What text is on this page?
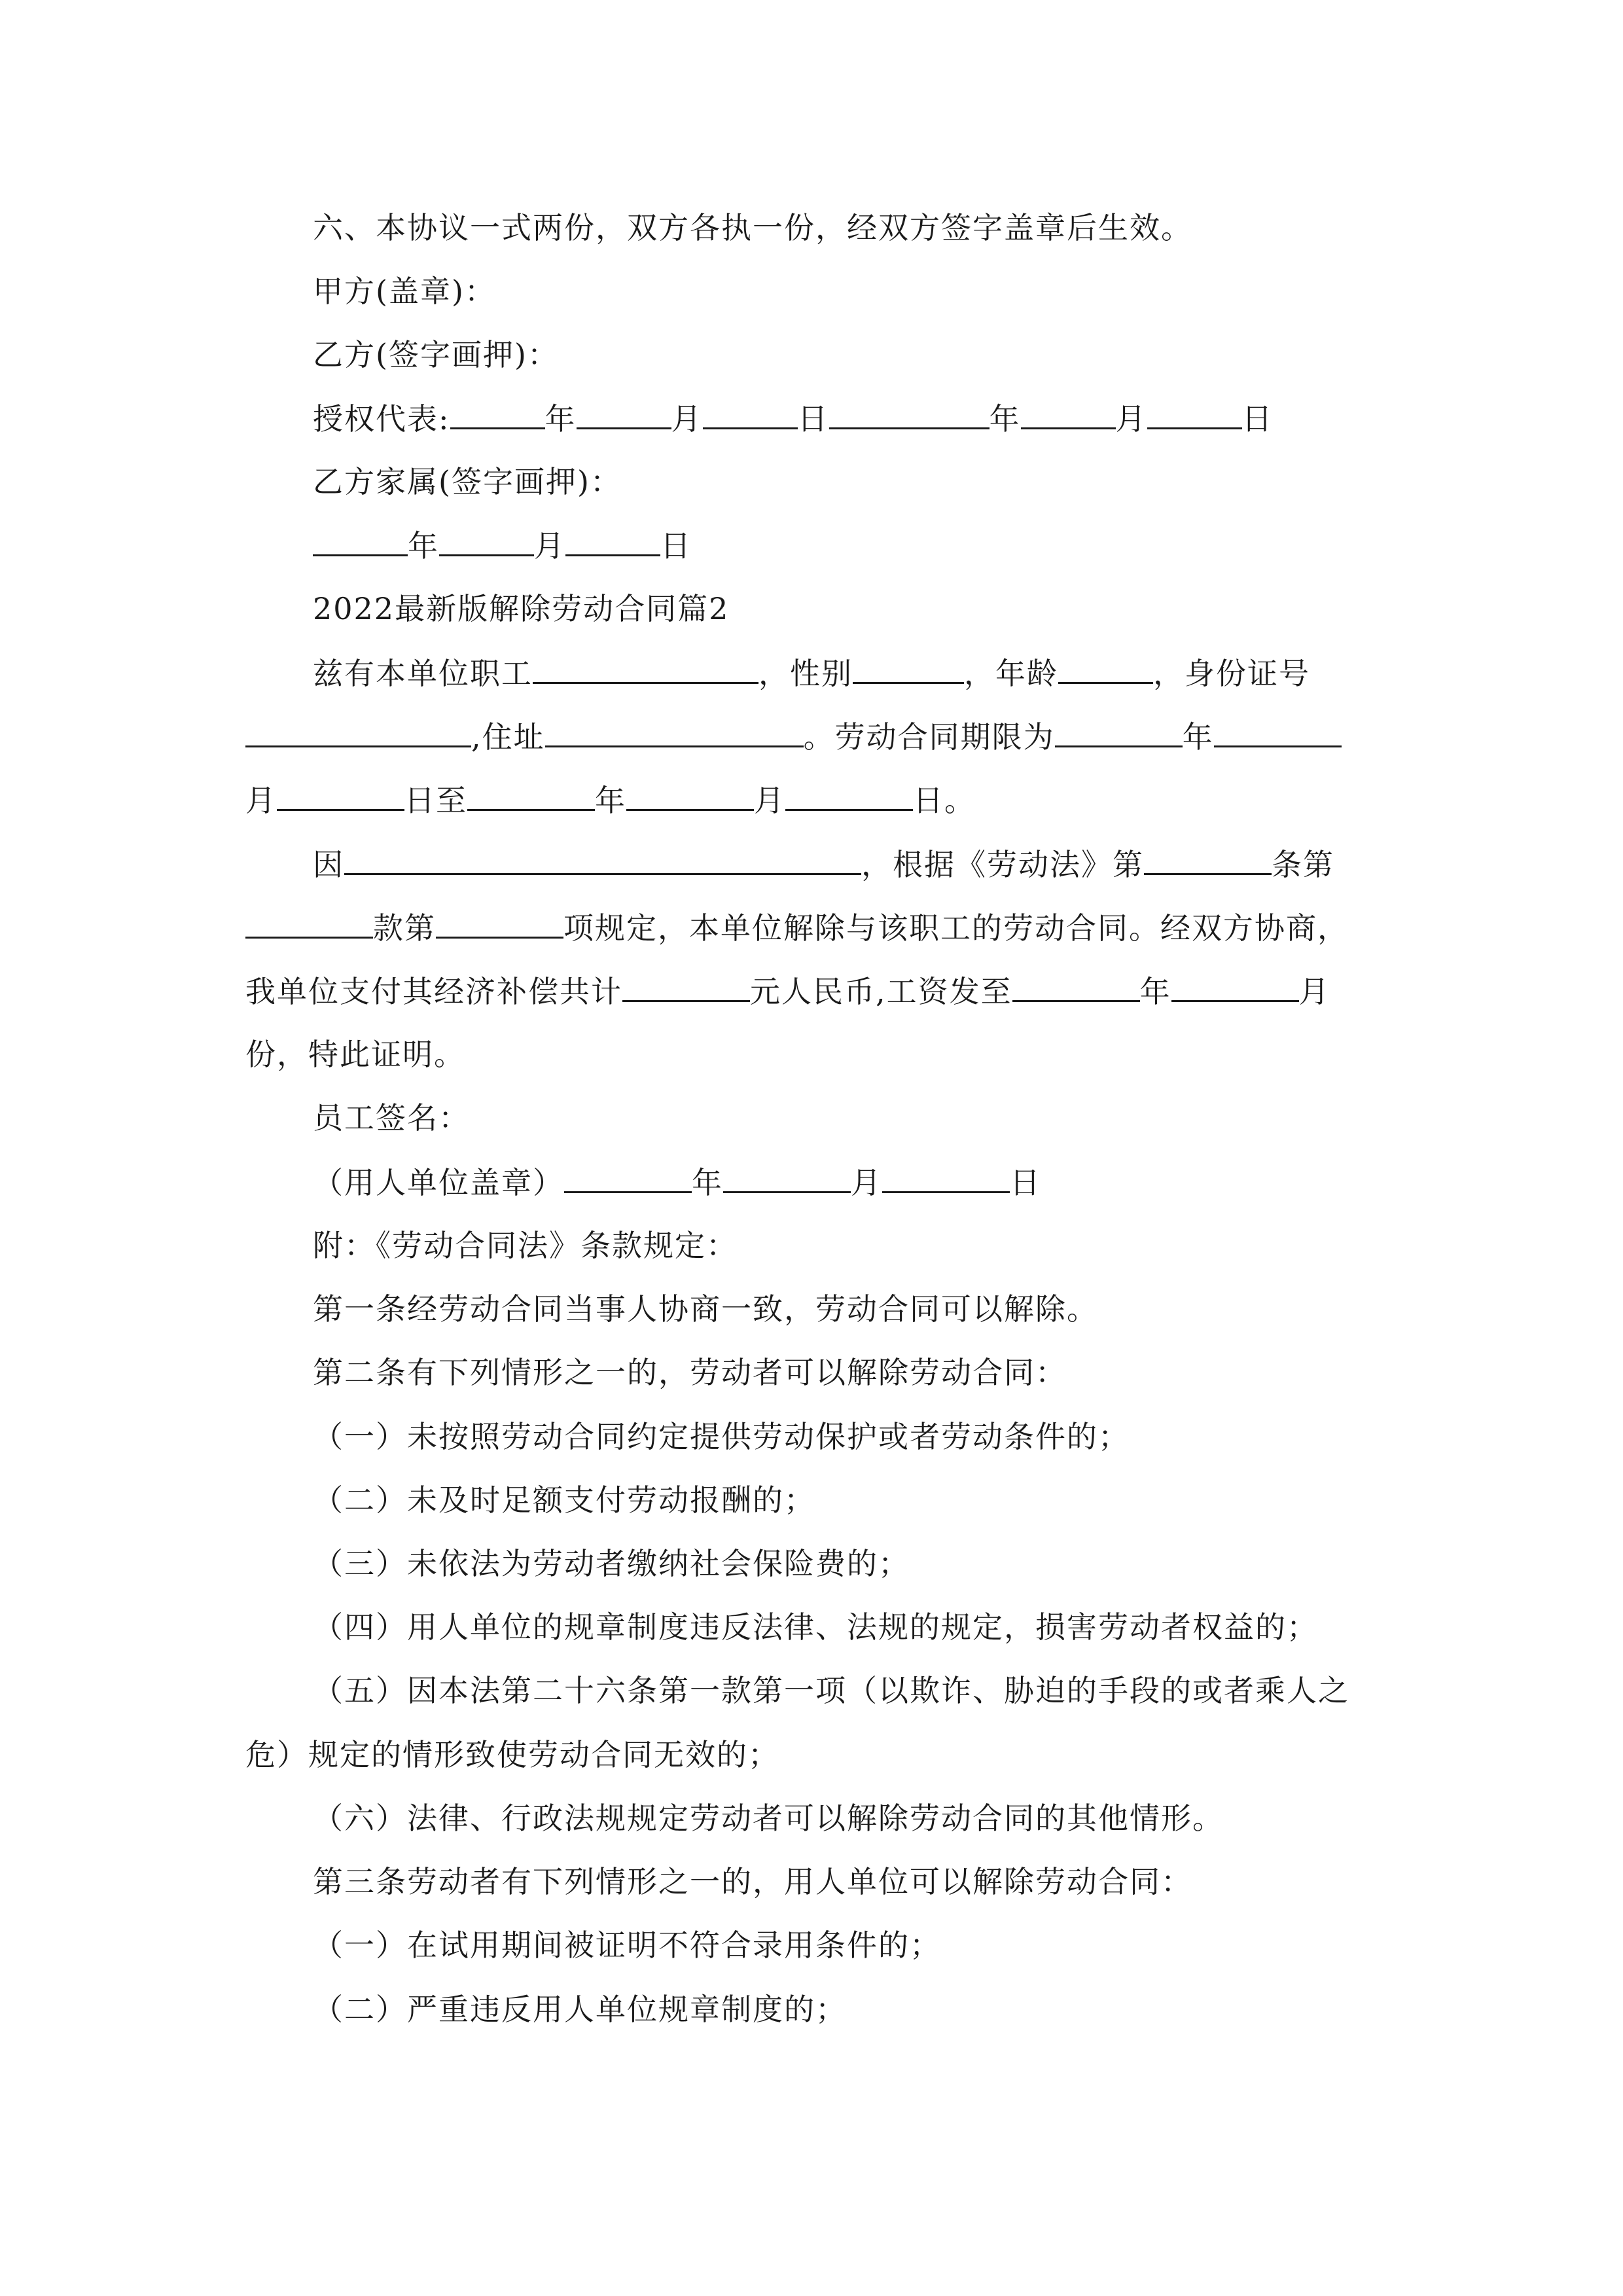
六、本协议一式两份，双方各执一份，经双方签字盖章后生效。
甲方(盖章)：
乙方(签字画押)：
授权代表:	年	月	日	年	月	日
乙方家属(签字画押)：
年	月	日
2022最新版解除劳动合同篇2
兹有本单位职工	，性别	，年龄	，身份证号
,住址	。劳动合同期限为	年
月	日至	年	月	日。
因	，根据《劳动法》第	条第
款第	项规定，本单位解除与该职工的劳动合同。经双方协商，
我单位支付其经济补偿共计	元人民币,工资发至	年	月
份，特此证明。
员工签名：
（用人单位盖章）	年	月	日
附：《劳动合同法》条款规定：
第一条经劳动合同当事人协商一致，劳动合同可以解除。
第二条有下列情形之一的，劳动者可以解除劳动合同：
（一）未按照劳动合同约定提供劳动保护或者劳动条件的；
（二）未及时足额支付劳动报酬的；
（三）未依法为劳动者缴纳社会保险费的；
（四）用人单位的规章制度违反法律、法规的规定，损害劳动者权益的；
（五）因本法第二十六条第一款第一项（以欺诈、胁迫的手段的或者乘人之
危）规定的情形致使劳动合同无效的；
（六）法律、行政法规规定劳动者可以解除劳动合同的其他情形。
第三条劳动者有下列情形之一的，用人单位可以解除劳动合同：
（一）在试用期间被证明不符合录用条件的；
（二）严重违反用人单位规章制度的；
